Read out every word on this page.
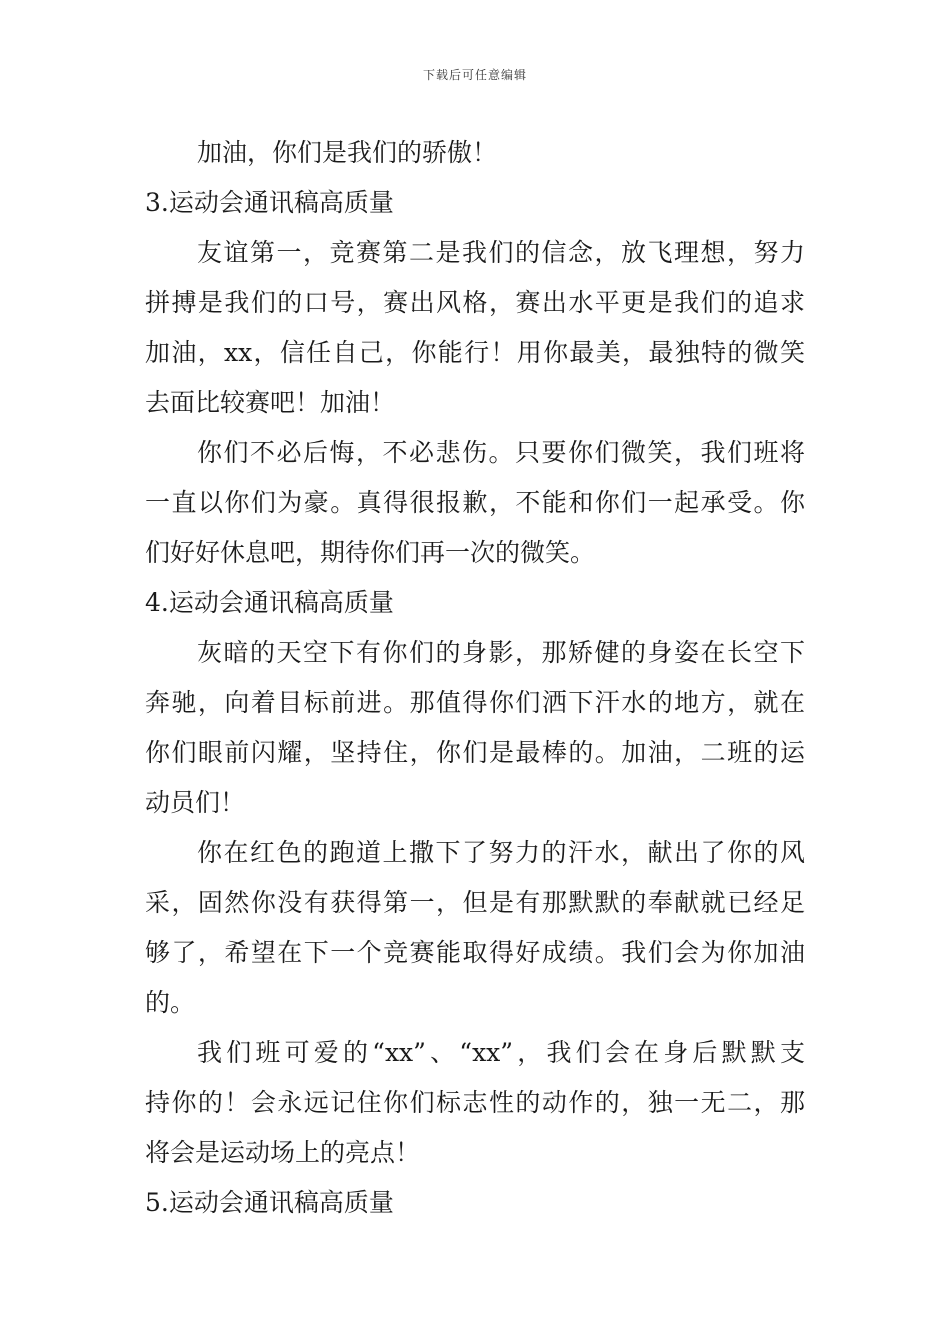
下载后可任意编辑
加油，你们是我们的骄傲！
3.运动会通讯稿高质量
友谊第一，竞赛第二是我们的信念，放飞理想，努力
拼搏是我们的口号，赛出风格，赛出水平更是我们的追求
加油，xx，信任自己，你能行！用你最美，最独特的微笑
去面比较赛吧！加油！
你们不必后悔，不必悲伤。只要你们微笑，我们班将
一直以你们为豪。真得很报歉，不能和你们一起承受。你
们好好休息吧，期待你们再一次的微笑。
4.运动会通讯稿高质量
灰暗的天空下有你们的身影，那矫健的身姿在长空下
奔驰，向着目标前进。那值得你们洒下汗水的地方，就在
你们眼前闪耀，坚持住，你们是最棒的。加油，二班的运
动员们！
你在红色的跑道上撒下了努力的汗水，献出了你的风
采，固然你没有获得第一，但是有那默默的奉献就已经足
够了，希望在下一个竞赛能取得好成绩。我们会为你加油
的。
我们班可爱的“xx”、“xx”，我们会在身后默默支
持你的！会永远记住你们标志性的动作的，独一无二，那
将会是运动场上的亮点！
5.运动会通讯稿高质量
